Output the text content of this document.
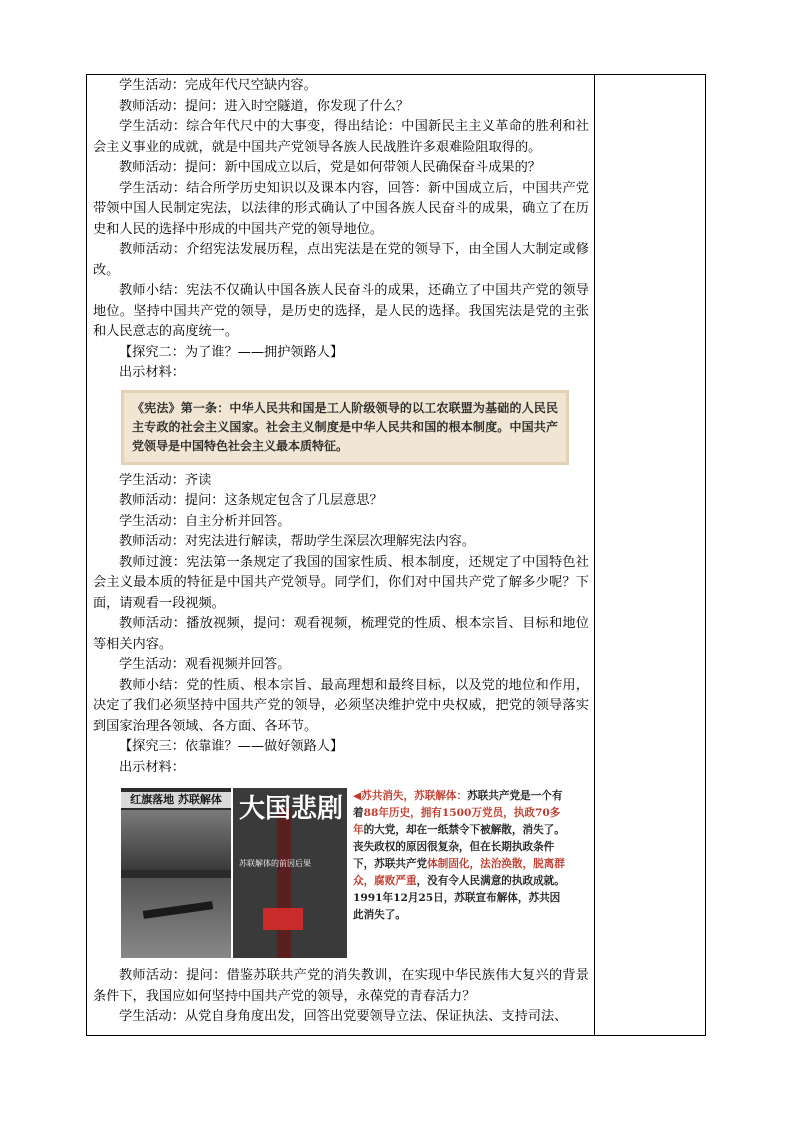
学生活动：完成年代尺空缺内容。

教师活动：提问：进入时空隧道，你发现了什么？

学生活动：综合年代尺中的大事变，得出结论：中国新民主主义革命的胜利和社会主义事业的成就，就是中国共产党领导各族人民战胜许多艰难险阻取得的。

教师活动：提问：新中国成立以后，党是如何带领人民确保奋斗成果的？

学生活动：结合所学历史知识以及课本内容，回答：新中国成立后，中国共产党带领中国人民制定宪法，以法律的形式确认了中国各族人民奋斗的成果，确立了在历史和人民的选择中形成的中国共产党的领导地位。

教师活动：介绍宪法发展历程，点出宪法是在党的领导下，由全国人大制定或修改。

教师小结：宪法不仅确认中国各族人民奋斗的成果，还确立了中国共产党的领导地位。坚持中国共产党的领导，是历史的选择，是人民的选择。我国宪法是党的主张和人民意志的高度统一。

【探究二：为了谁？——拥护领路人】

出示材料：

《宪法》第一条：中华人民共和国是工人阶级领导的以工农联盟为基础的人民民主专政的社会主义国家。社会主义制度是中华人民共和国的根本制度。中国共产党领导是中国特色社会主义最本质特征。

学生活动：齐读

教师活动：提问：这条规定包含了几层意思？

学生活动：自主分析并回答。

教师活动：对宪法进行解读，帮助学生深层次理解宪法内容。

教师过渡：宪法第一条规定了我国的国家性质、根本制度，还规定了中国特色社会主义最本质的特征是中国共产党领导。同学们，你们对中国共产党了解多少呢？下面，请观看一段视频。

教师活动：播放视频，提问：观看视频，梳理党的性质、根本宗旨、目标和地位等相关内容。

学生活动：观看视频并回答。

教师小结：党的性质、根本宗旨、最高理想和最终目标，以及党的地位和作用，决定了我们必须坚持中国共产党的领导，必须坚决维护党中央权威，把党的领导落实到国家治理各领域、各方面、各环节。

【探究三：依靠谁？——做好领路人】

出示材料：

红旗落地 苏联解体 大国悲剧
苏联解体的前因后果

◀苏共消失，苏联解体：苏联共产党是一个有着88年历史，拥有1500万党员，执政70多年的大党，却在一纸禁令下被解散，消失了。丧失政权的原因很复杂，但在长期执政条件下，苏联共产党体制固化，法治涣散，脱离群众，腐败严重，没有令人民满意的执政成就。1991年12月25日，苏联宣布解体，苏共因此消失了。

教师活动：提问：借鉴苏联共产党的消失教训，在实现中华民族伟大复兴的背景条件下，我国应如何坚持中国共产党的领导，永葆党的青春活力？

学生活动：从党自身角度出发，回答出党要领导立法、保证执法、支持司法、
